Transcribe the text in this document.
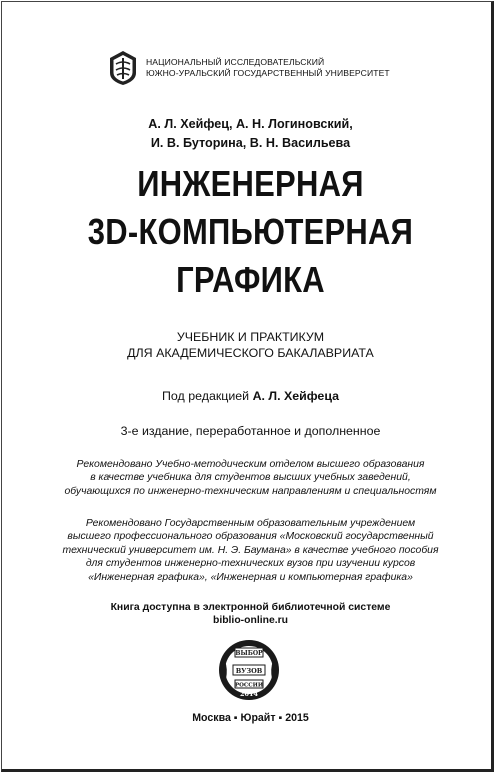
НАЦИОНАЛЬНЫЙ ИССЛЕДОВАТЕЛЬСКИЙ
ЮЖНО-УРАЛЬСКИЙ ГОСУДАРСТВЕННЫЙ УНИВЕРСИТЕТ
А. Л. Хейфец, А. Н. Логиновский,
И. В. Буторина, В. Н. Васильева
ИНЖЕНЕРНАЯ
3D-КОМПЬЮТЕРНАЯ
ГРАФИКА
УЧЕБНИК И ПРАКТИКУМ
ДЛЯ АКАДЕМИЧЕСКОГО БАКАЛАВРИАТА
Под редакцией А. Л. Хейфеца
3-е издание, переработанное и дополненное
Рекомендовано Учебно-методическим отделом высшего образования
в качестве учебника для студентов высших учебных заведений,
обучающихся по инженерно-техническим направлениям и специальностям
Рекомендовано Государственным образовательным учреждением
высшего профессионального образования «Московский государственный
технический университет им. Н. Э. Баумана» в качестве учебного пособия
для студентов инженерно-технических вузов при изучении курсов
«Инженерная графика», «Инженерная и компьютерная графика»
Книга доступна в электронной библиотечной системе
biblio-online.ru
ВЫБОР
ВУЗОВ
РОССИИ
2014
Москва ▪ Юрайт ▪ 2015
